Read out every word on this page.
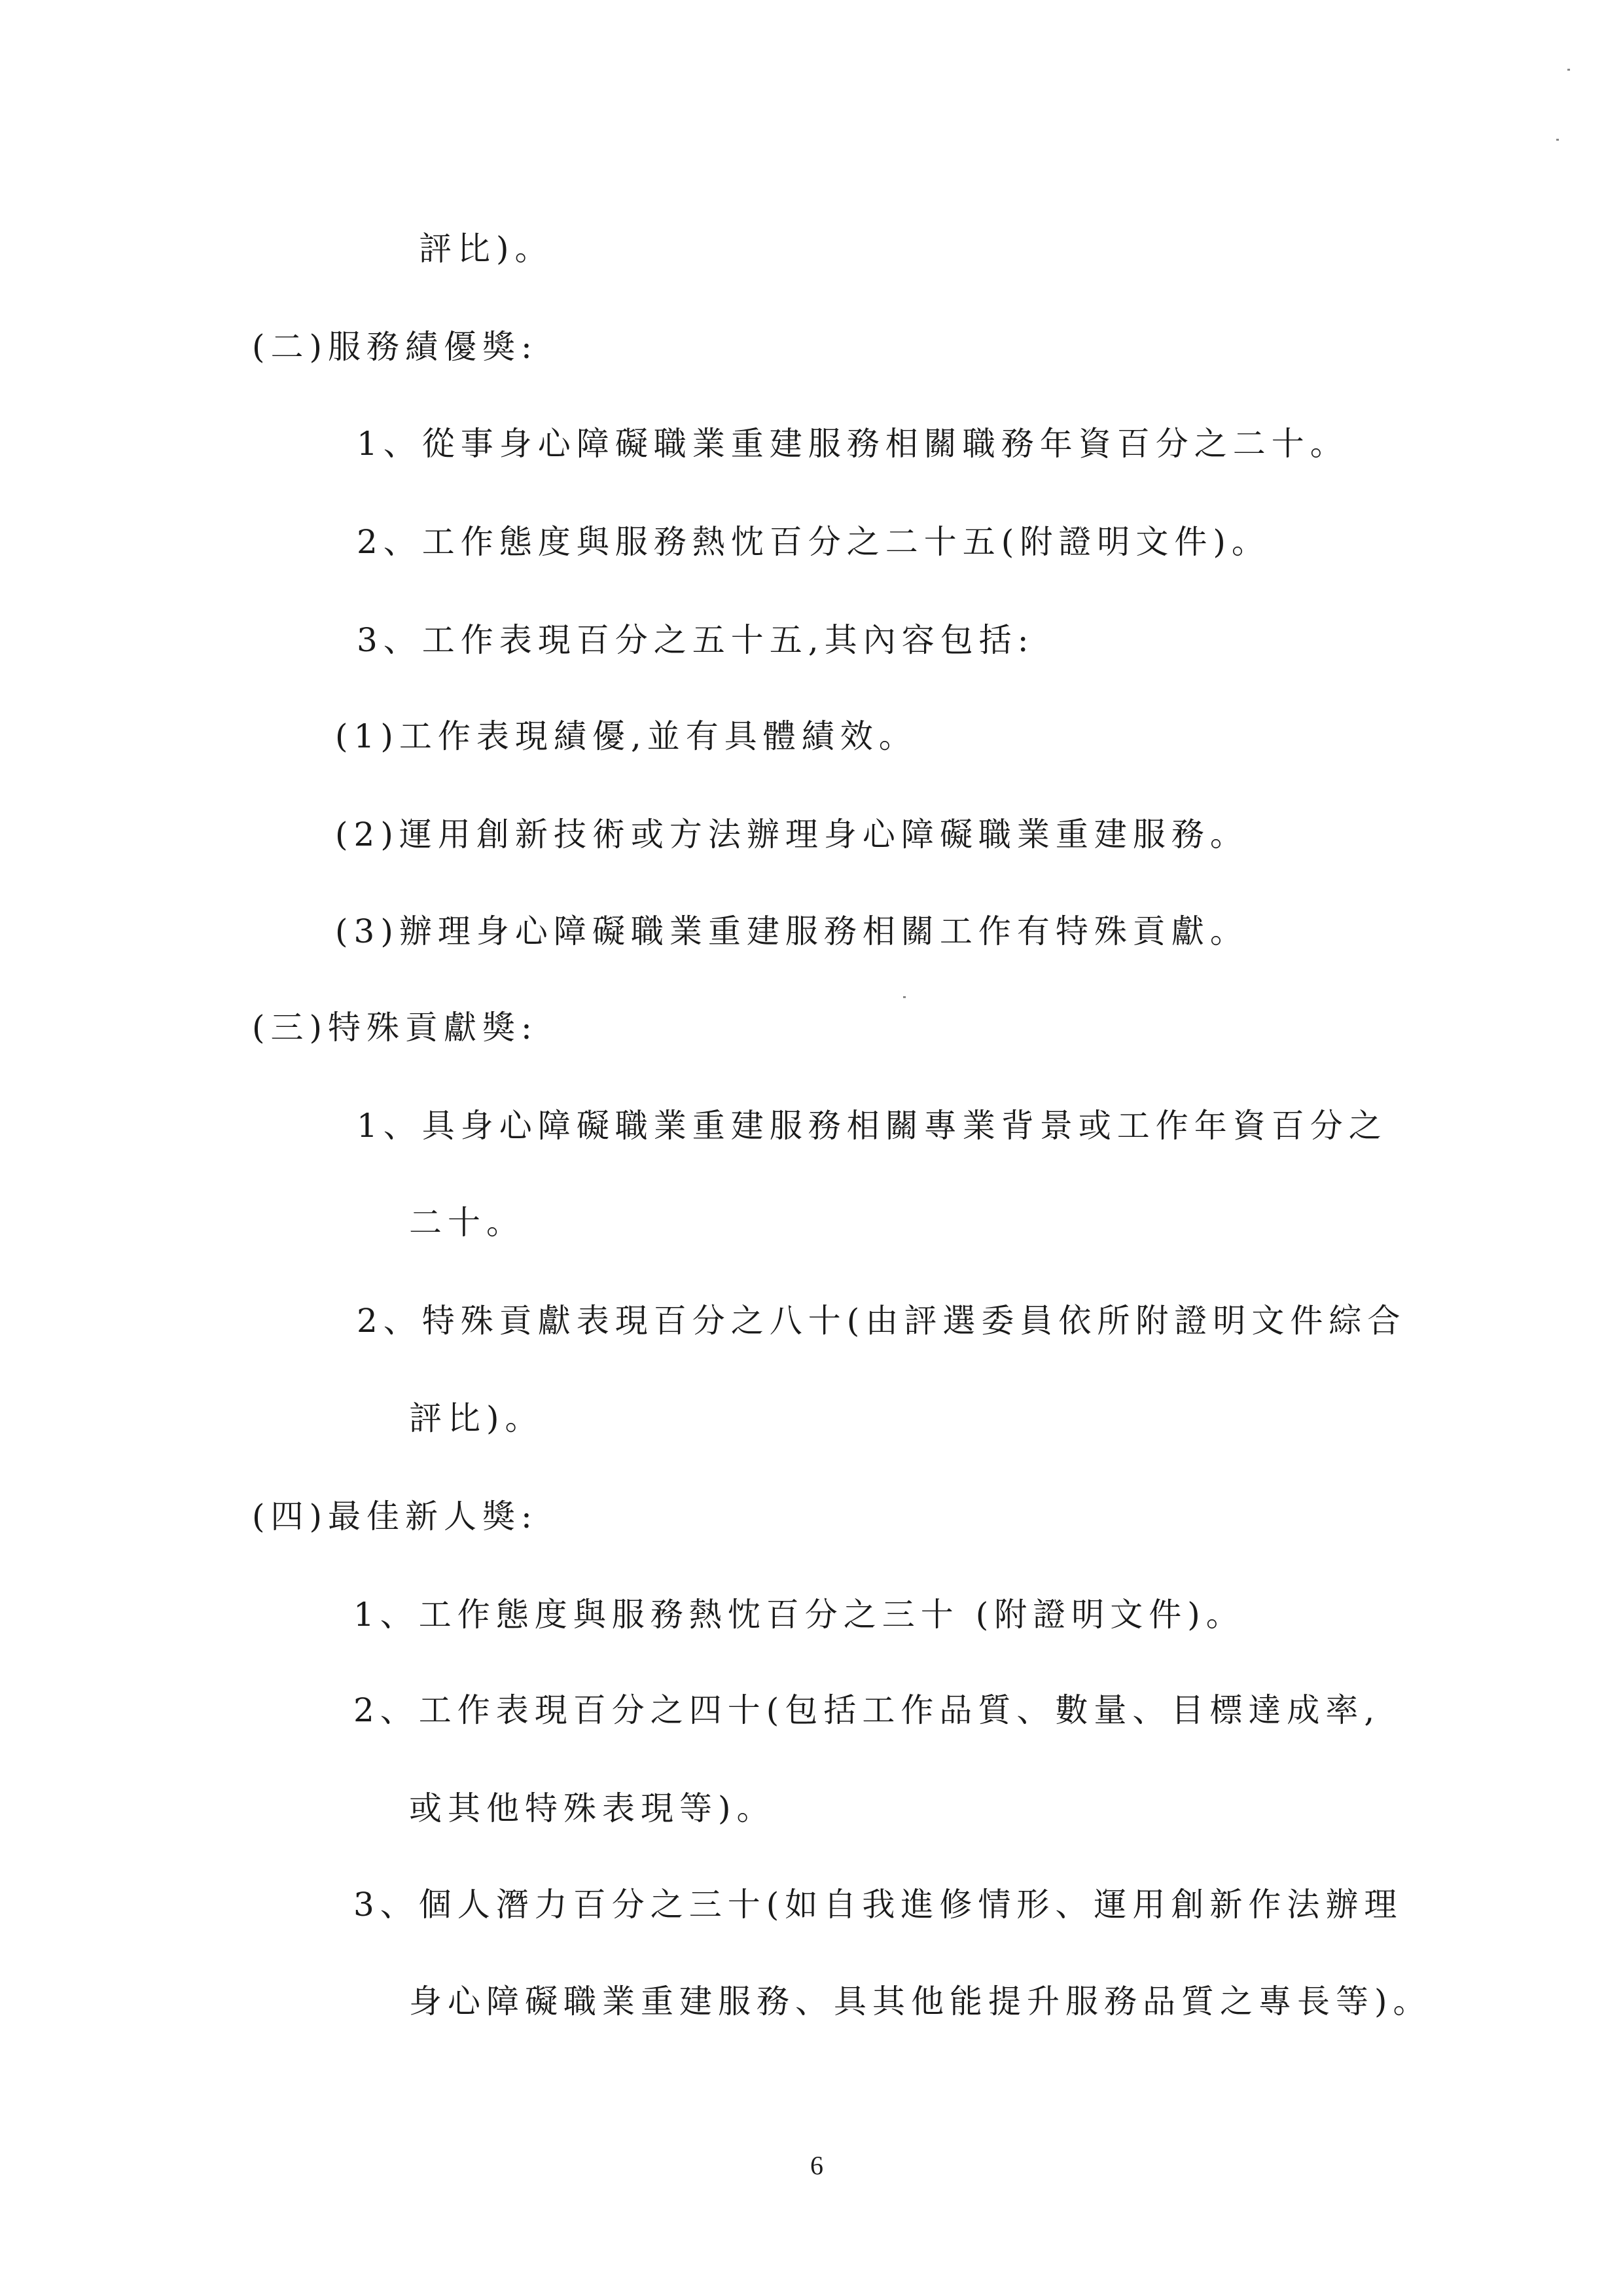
評比)。
(二)服務績優獎:
1、從事身心障礙職業重建服務相關職務年資百分之二十。
2、工作態度與服務熱忱百分之二十五(附證明文件)。
3、工作表現百分之五十五,其內容包括:
(1)工作表現績優,並有具體績效。
(2)運用創新技術或方法辦理身心障礙職業重建服務。
(3)辦理身心障礙職業重建服務相關工作有特殊貢獻。
(三)特殊貢獻獎:
1、具身心障礙職業重建服務相關專業背景或工作年資百分之
二十。
2、特殊貢獻表現百分之八十(由評選委員依所附證明文件綜合
評比)。
(四)最佳新人獎:
1、工作態度與服務熱忱百分之三十 (附證明文件)。
2、工作表現百分之四十(包括工作品質、數量、目標達成率,
或其他特殊表現等)。
3、個人潛力百分之三十(如自我進修情形、運用創新作法辦理
身心障礙職業重建服務、具其他能提升服務品質之專長等)。
6
